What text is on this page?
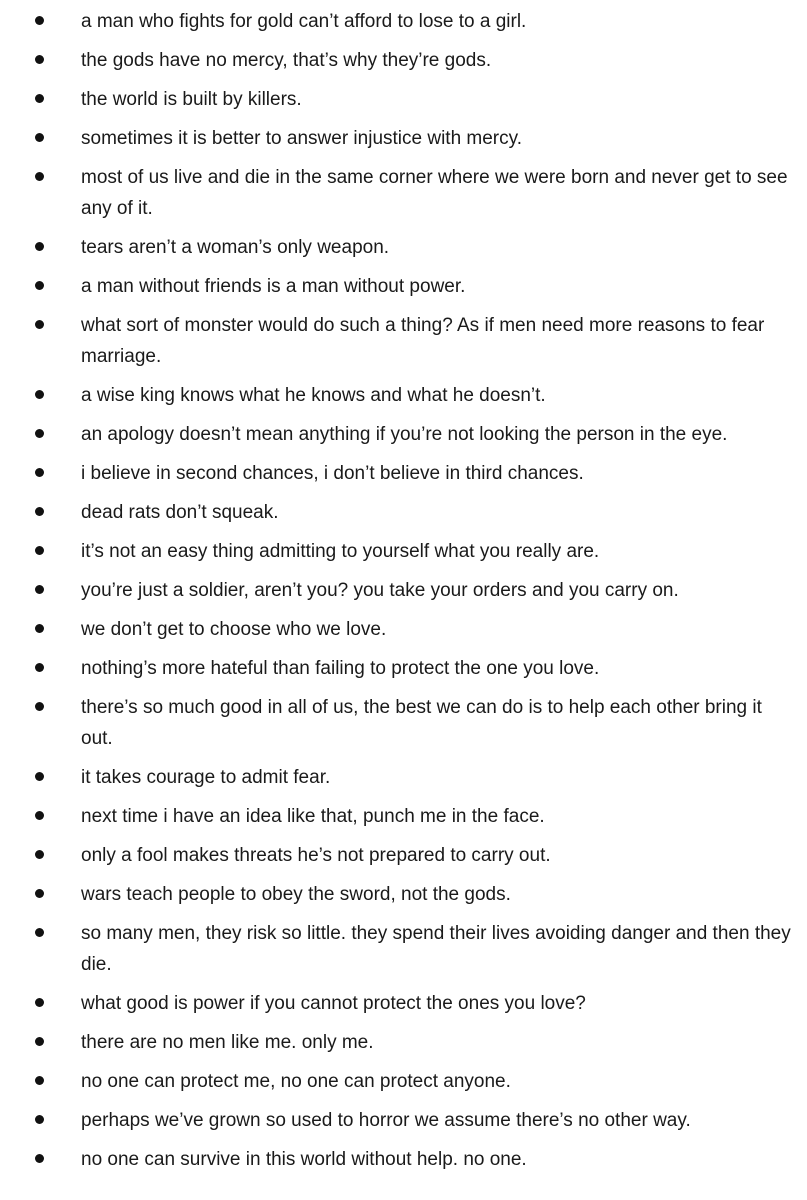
a man who fights for gold can’t afford to lose to a girl.
the gods have no mercy, that’s why they’re gods.
the world is built by killers.
sometimes it is better to answer injustice with mercy.
most of us live and die in the same corner where we were born and never get to see any of it.
tears aren’t a woman’s only weapon.
a man without friends is a man without power.
what sort of monster would do such a thing? As if men need more reasons to fear marriage.
a wise king knows what he knows and what he doesn’t.
an apology doesn’t mean anything if you’re not looking the person in the eye.
i believe in second chances, i don’t believe in third chances.
dead rats don’t squeak.
it’s not an easy thing admitting to yourself what you really are.
you’re just a soldier, aren’t you? you take your orders and you carry on.
we don’t get to choose who we love.
nothing’s more hateful than failing to protect the one you love.
there’s so much good in all of us, the best we can do is to help each other bring it out.
it takes courage to admit fear.
next time i have an idea like that, punch me in the face.
only a fool makes threats he’s not prepared to carry out.
wars teach people to obey the sword, not the gods.
so many men, they risk so little. they spend their lives avoiding danger and then they die.
what good is power if you cannot protect the ones you love?
there are no men like me. only me.
no one can protect me, no one can protect anyone.
perhaps we’ve grown so used to horror we assume there’s no other way.
no one can survive in this world without help. no one.
